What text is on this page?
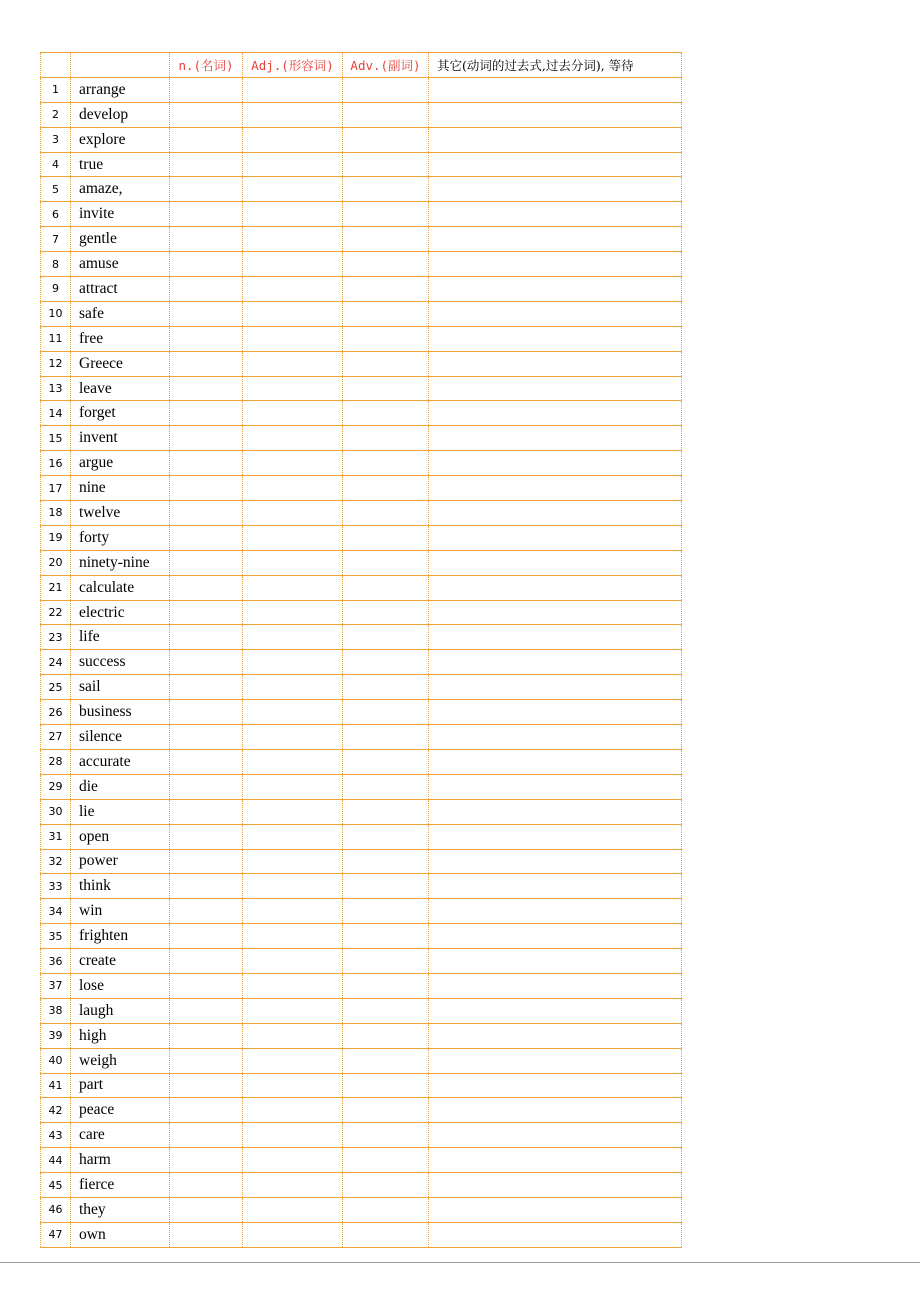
		n.(名词)	Adj.(形容词)	Adv.(副词)	其它(动词的过去式,过去分词), 等待
1	arrange				
2	develop				
3	explore				
4	true				
5	amaze,				
6	invite				
7	gentle				
8	amuse				
9	attract				
10	safe				
11	free				
12	Greece				
13	leave				
14	forget				
15	invent				
16	argue				
17	nine				
18	twelve				
19	forty				
20	ninety-nine				
21	calculate				
22	electric				
23	life				
24	success				
25	sail				
26	business				
27	silence				
28	accurate				
29	die				
30	lie				
31	open				
32	power				
33	think				
34	win				
35	frighten				
36	create				
37	lose				
38	laugh				
39	high				
40	weigh				
41	part				
42	peace				
43	care				
44	harm				
45	fierce				
46	they				
47	own				
